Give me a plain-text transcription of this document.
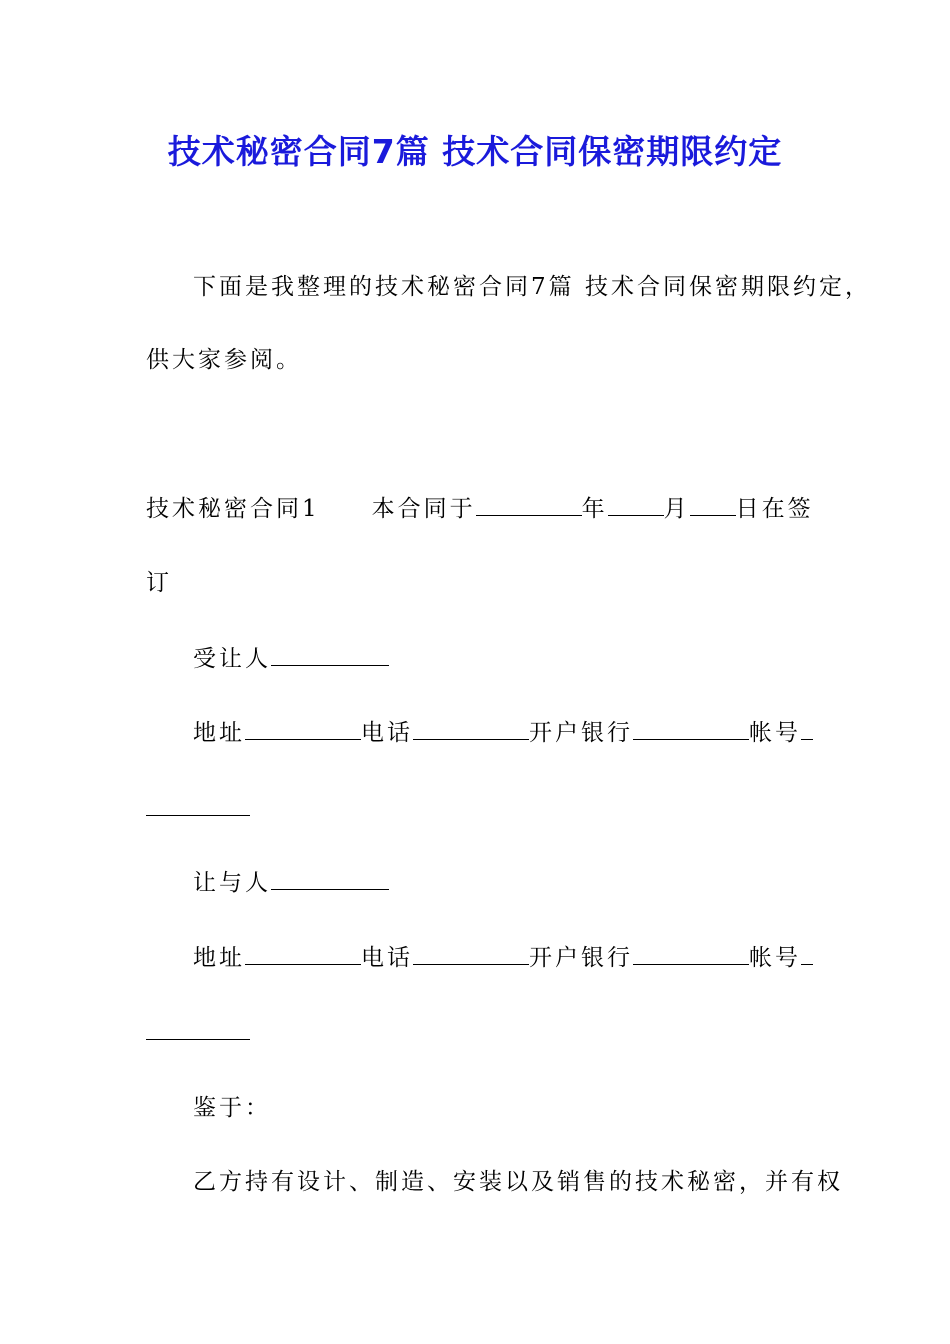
技术秘密合同7篇 技术合同保密期限约定
下面是我整理的技术秘密合同7篇 技术合同保密期限约定，
供大家参阅。
技术秘密合同1 本合同于	年 月 日在签
订
受让人
地址	电话	开户银行	帐号
让与人
地址	电话	开户银行	帐号
鉴于：
乙方持有设计、制造、安装以及销售的技术秘密，并有权
